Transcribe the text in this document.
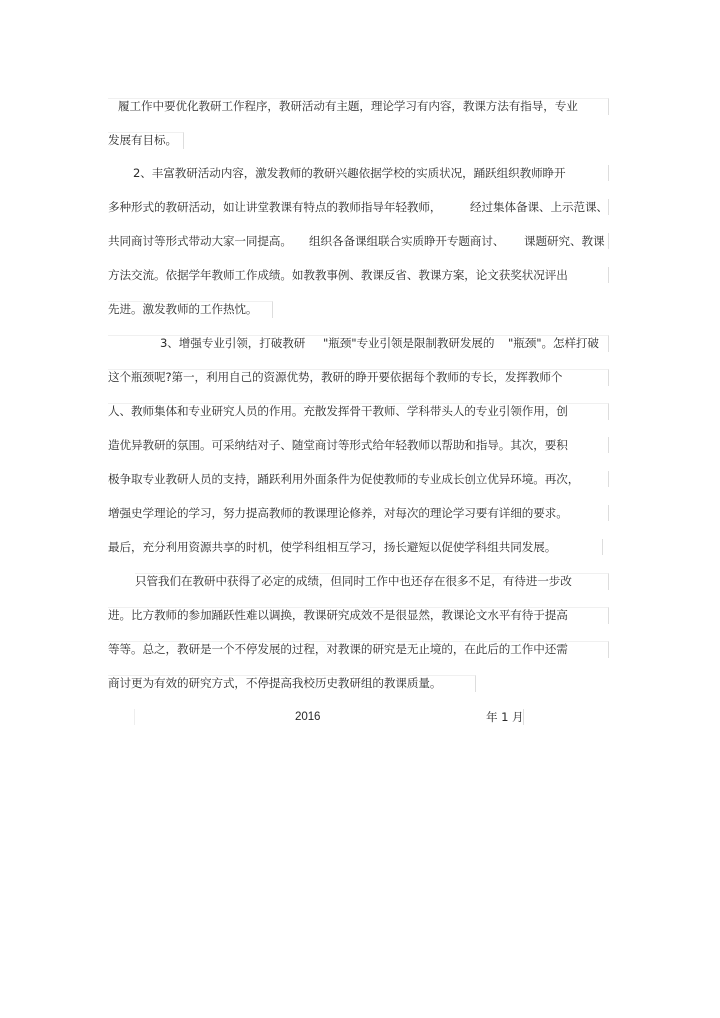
履工作中要优化教研工作程序，教研活动有主题，理论学习有内容，教课方法有指导，专业
发展有目标。
2、丰富教研活动内容，激发教师的教研兴趣依据学校的实质状况，踊跃组织教师睁开
多种形式的教研活动，如让讲堂教课有特点的教师指导年轻教师， 经过集体备课、上示范课、
共同商讨等形式带动大家一同提高。 组织各备课组联合实质睁开专题商讨、 课题研究、教课
方法交流。依据学年教师工作成绩。如教教事例、教课反省、教课方案，论文获奖状况评出
先进。激发教师的工作热忱。
3、增强专业引领，打破教研 "瓶颈"专业引领是限制教研发展的 "瓶颈"。怎样打破
这个瓶颈呢?第一，利用自己的资源优势，教研的睁开要依据每个教师的专长，发挥教师个
人、教师集体和专业研究人员的作用。充散发挥骨干教师、学科带头人的专业引领作用，创
造优异教研的氛围。可采纳结对子、随堂商讨等形式给年轻教师以帮助和指导。其次，要积
极争取专业教研人员的支持，踊跃利用外面条件为促使教师的专业成长创立优异环境。再次，
增强史学理论的学习，努力提高教师的教课理论修养，对每次的理论学习要有详细的要求。
最后，充分利用资源共享的时机，使学科组相互学习，扬长避短以促使学科组共同发展。
只管我们在教研中获得了必定的成绩，但同时工作中也还存在很多不足，有待进一步改
进。比方教师的参加踊跃性难以调换，教课研究成效不是很显然，教课论文水平有待于提高
等等。总之，教研是一个不停发展的过程，对教课的研究是无止境的，在此后的工作中还需
商讨更为有效的研究方式，不停提高我校历史教研组的教课质量。
2016	年 1 月
